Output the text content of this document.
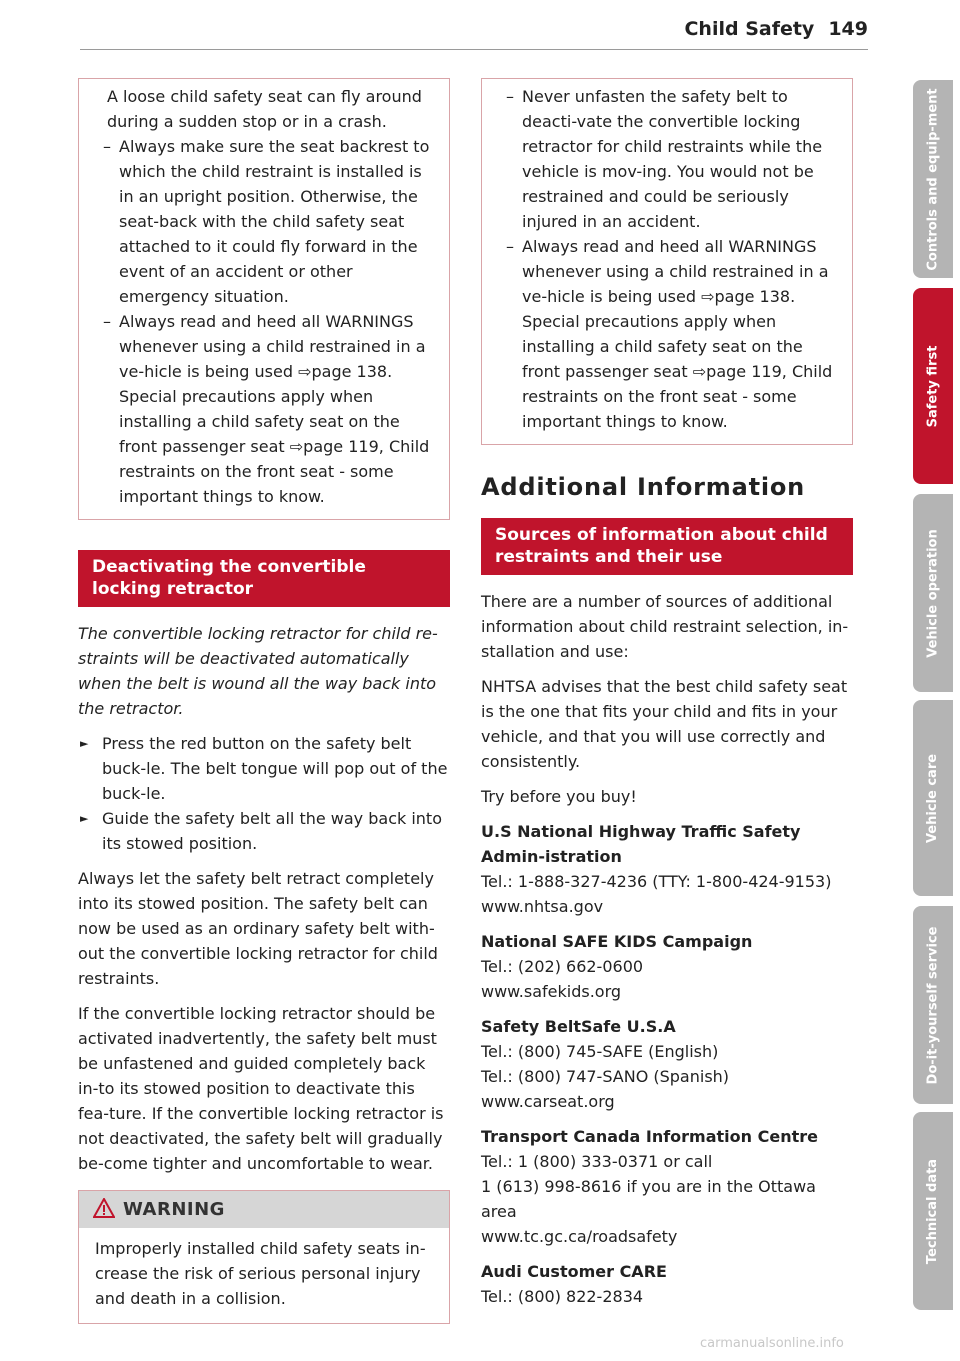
Child Safety 149

A loose child safety seat can fly around during a sudden stop or in a crash.

– Always make sure the seat backrest to which the child restraint is installed is in an upright position. Otherwise, the seat-back with the child safety seat attached to it could fly forward in the event of an accident or other emergency situation.

– Always read and heed all WARNINGS whenever using a child restrained in a ve-hicle is being used ⇨page 138. Special precautions apply when installing a child safety seat on the front passenger seat ⇨page 119, Child restraints on the front seat - some important things to know.

Deactivating the convertible locking retractor

The convertible locking retractor for child re-straints will be deactivated automatically when the belt is wound all the way back into the retractor.

► Press the red button on the safety belt buck-le. The belt tongue will pop out of the buck-le.

► Guide the safety belt all the way back into its stowed position.

Always let the safety belt retract completely into its stowed position. The safety belt can now be used as an ordinary safety belt with-out the convertible locking retractor for child restraints.

If the convertible locking retractor should be activated inadvertently, the safety belt must be unfastened and guided completely back in-to its stowed position to deactivate this fea-ture. If the convertible locking retractor is not deactivated, the safety belt will gradually be-come tighter and uncomfortable to wear.

WARNING
Improperly installed child safety seats in-crease the risk of serious personal injury and death in a collision.

– Never unfasten the safety belt to deacti-vate the convertible locking retractor for child restraints while the vehicle is mov-ing. You would not be restrained and could be seriously injured in an accident.

– Always read and heed all WARNINGS whenever using a child restrained in a ve-hicle is being used ⇨page 138. Special precautions apply when installing a child safety seat on the front passenger seat ⇨page 119, Child restraints on the front seat - some important things to know.

Additional Information
Sources of information about child restraints and their use

There are a number of sources of additional information about child restraint selection, in-stallation and use:

NHTSA advises that the best child safety seat is the one that fits your child and fits in your vehicle, and that you will use correctly and consistently.

Try before you buy!

U.S National Highway Traffic Safety Admin-istration

Tel.: 1-888-327-4236 (TTY: 1-800-424-9153)

www.nhtsa.gov

National SAFE KIDS Campaign

Tel.: (202) 662-0600

www.safekids.org

Safety BeltSafe U.S.A

Tel.: (800) 745-SAFE (English)

Tel.: (800) 747-SANO (Spanish)

www.carseat.org

Transport Canada Information Centre

Tel.: 1 (800) 333-0371 or call

1 (613) 998-8616 if you are in the Ottawa area

www.tc.gc.ca/roadsafety

Audi Customer CARE

Tel.: (800) 822-2834

Controls and equip-ment
Safety first
Vehicle operation
Vehicle care
Do-it-yourself service
Technical data
carmanualsonline.info
